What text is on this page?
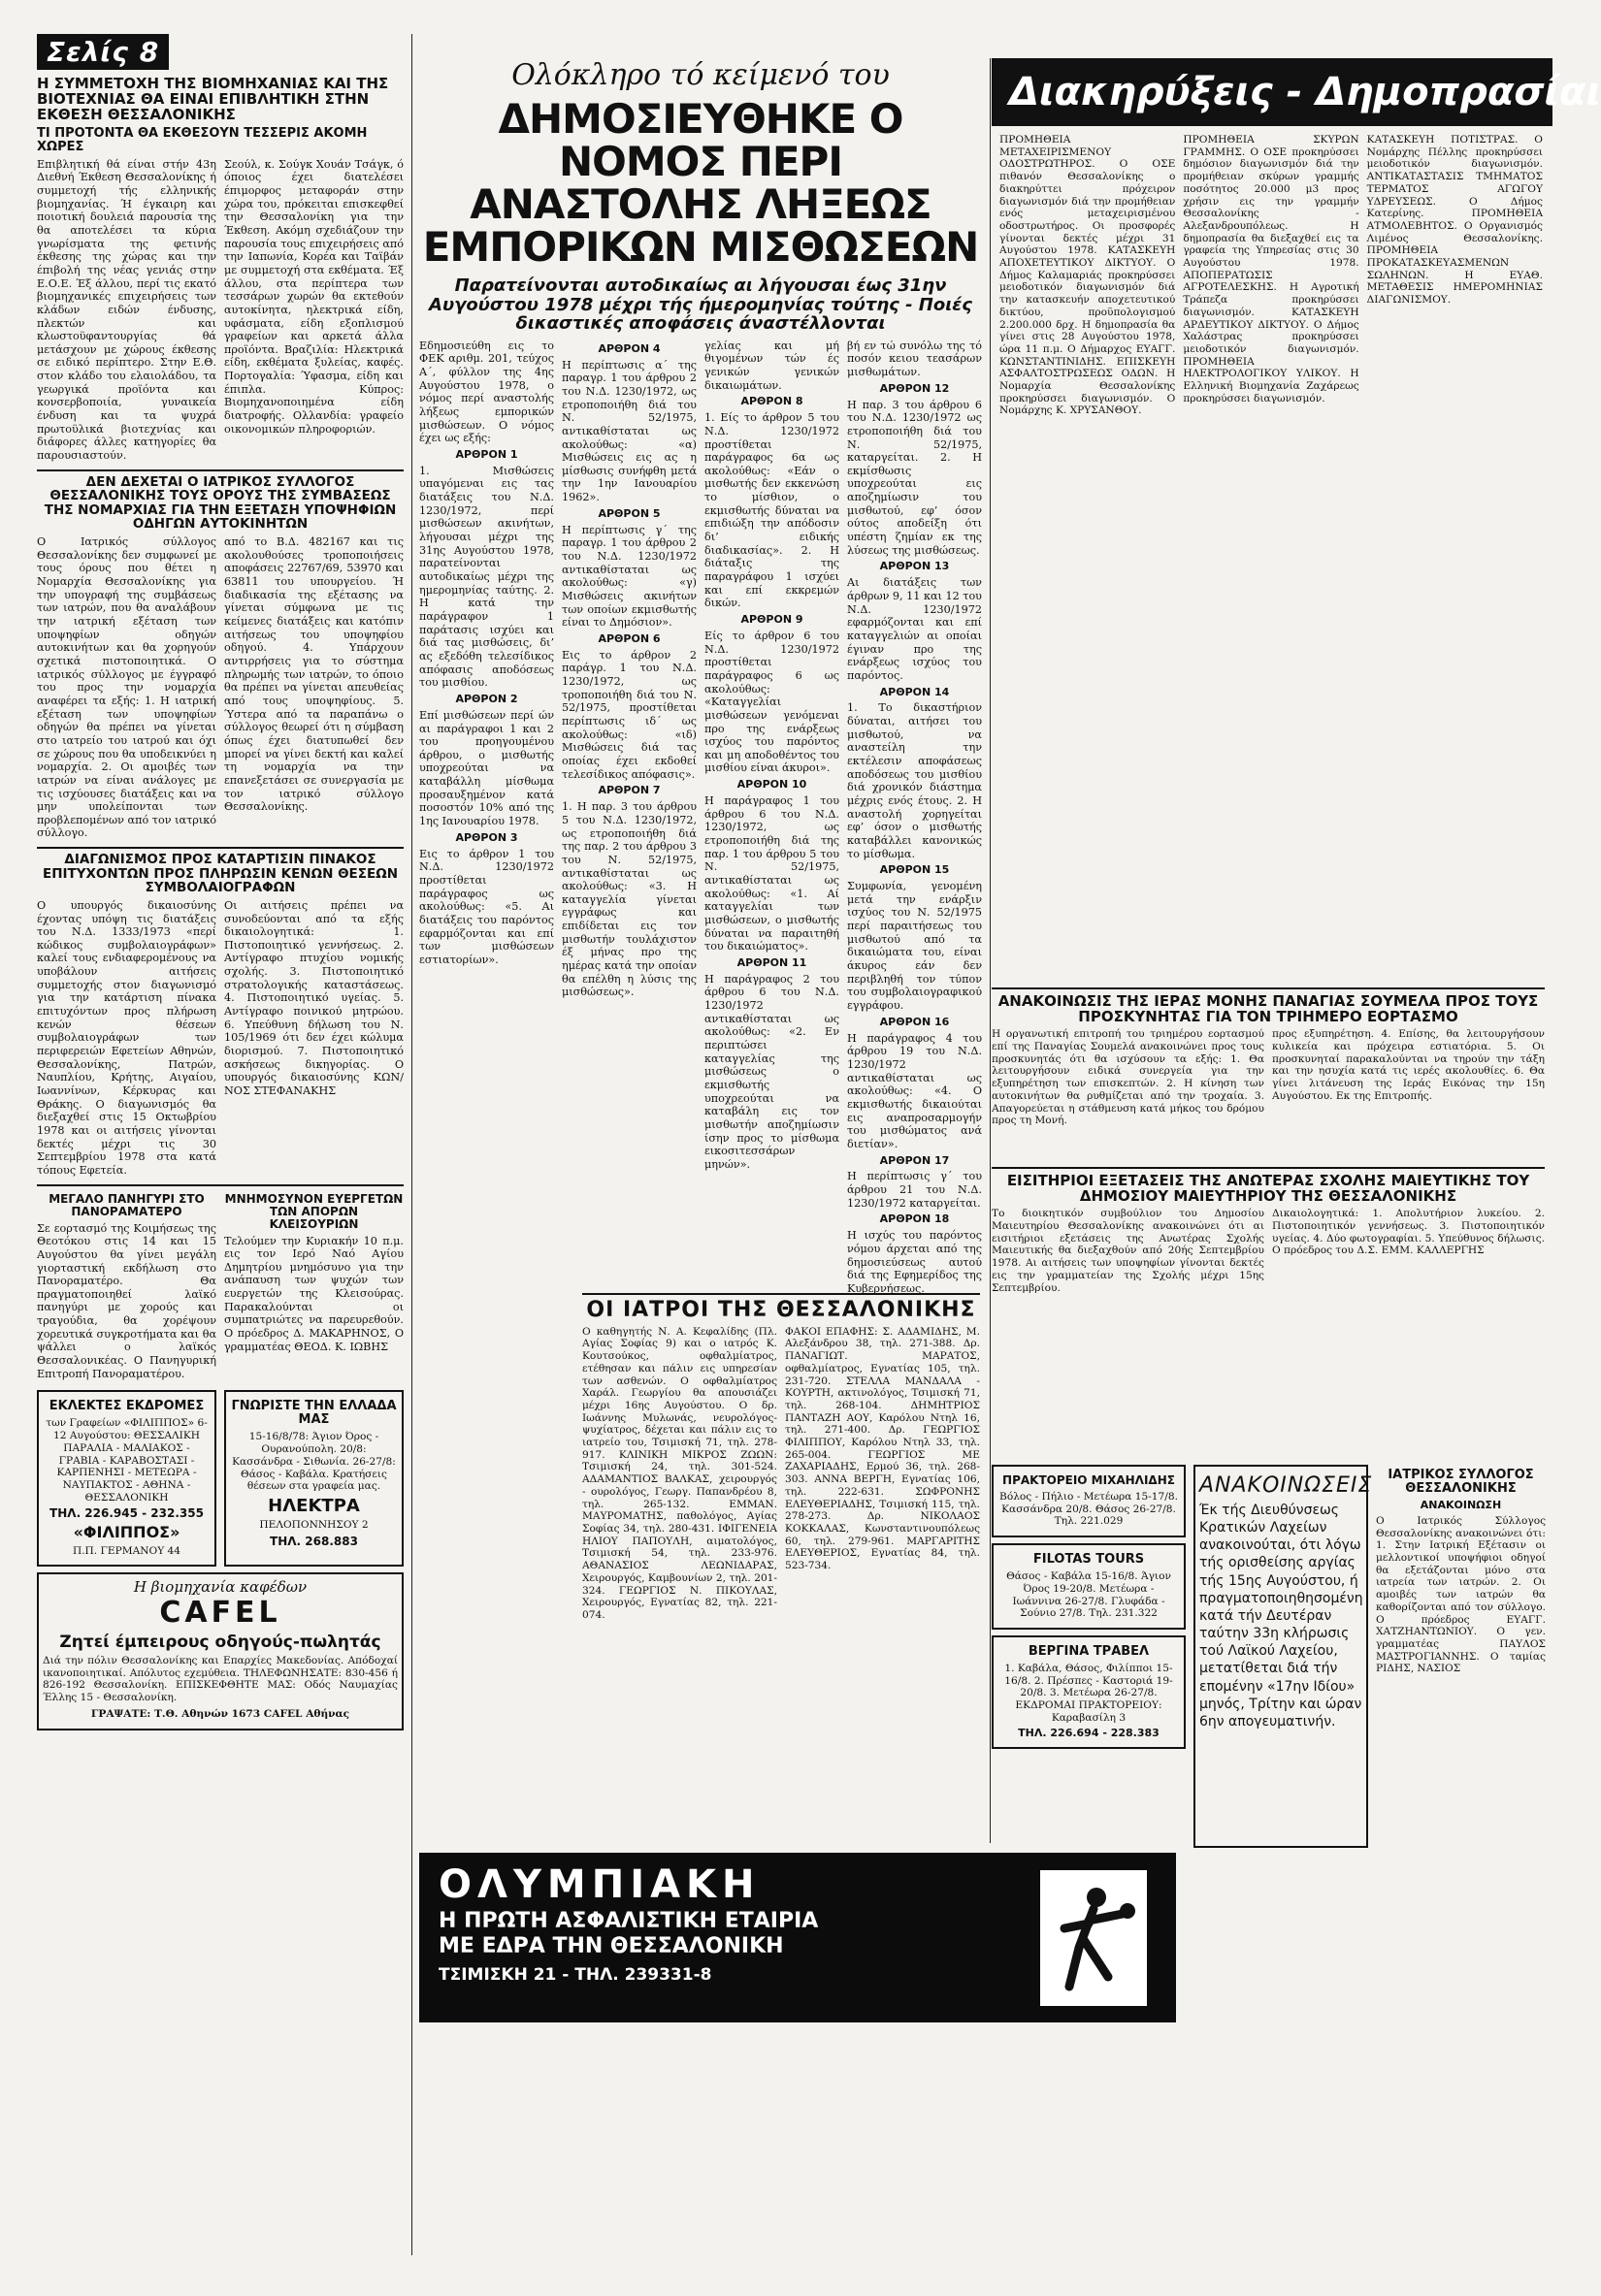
Σελίς 8
Η ΣΥΜΜΕΤΟΧΗ ΤΗΣ ΒΙΟΜΗΧΑΝΙΑΣ ΚΑΙ ΤΗΣ ΒΙΟΤΕΧΝΙΑΣ ΘΑ ΕΙΝΑΙ ΕΠΙΒΛΗΤΙΚΗ ΣΤΗΝ ΕΚΘΕΣΗ ΘΕΣΣΑΛΟΝΙΚΗΣ
ΤΙ ΠΡΟΤΟΝΤΑ ΘΑ ΕΚΘΕΣΟΥΝ ΤΕΣΣΕΡΙΣ ΑΚΟΜΗ ΧΩΡΕΣ

Επιβλητική θά είναι στήν 43η Διεθνή Έκθεση Θεσσαλονίκης ή συμμετοχή τής ελληνικής βιομηχανίας. Ή έγκαιρη και ποιοτική δουλειά παρουσία της θα αποτελέσει τα κύρια γνωρίσματα της φετινής έκθεσης της χώρας και την έπιβολή της νέας γενιάς στην Ε.Ο.Ε. Έξ άλλου, περί τις εκατό βιομηχανικές επιχειρήσεις των κλάδων ειδών ένδυσης, πλεκτών και κλωστοϋφαντουργίας θά μετάσχουν με χώρους έκθεσης σε ειδικό περίπτερο. Στην Ε.Θ. στον κλάδο του ελαιολάδου, τα γεωργικά προϊόντα και κονσερβοποιία, γυναικεία ένδυση και τα ψυχρά πρωτοϋλικά βιοτεχνίας και διάφορες άλλες κατηγορίες θα παρουσιαστούν.

Σεούλ, κ. Σούγκ Χουάν Τσάγκ, ό όποιος έχει διατελέσει έπιμορφος μεταφοράν στην χώρα του, πρόκειται επισκεφθεί την Θεσσαλονίκη για την Έκθεση. Ακόμη σχεδιάζουν την παρουσία τους επιχειρήσεις από την Ιαπωνία, Κορέα και Ταϊβάν με συμμετοχή στα εκθέματα. Έξ άλλου, στα περίπτερα των τεσσάρων χωρών θα εκτεθούν αυτοκίνητα, ηλεκτρικά είδη, υφάσματα, είδη εξοπλισμού γραφείων και αρκετά άλλα προϊόντα. Βραζιλία: Ηλεκτρικά είδη, εκθέματα ξυλείας, καφές. Πορτογαλία: Ύφασμα, είδη και έπιπλα. Κύπρος: Βιομηχανοποιημένα είδη διατροφής. Ολλανδία: γραφείο οικονομικών πληροφοριών.

ΔΕΝ ΔΕΧΕΤΑΙ Ο ΙΑΤΡΙΚΟΣ ΣΥΛΛΟΓΟΣ ΘΕΣΣΑΛΟΝΙΚΗΣ ΤΟΥΣ ΟΡΟΥΣ ΤΗΣ ΣΥΜΒΑΣΕΩΣ ΤΗΣ ΝΟΜΑΡΧΙΑΣ ΓΙΑ ΤΗΝ ΕΞΕΤΑΣΗ ΥΠΟΨΗΦΙΩΝ ΟΔΗΓΩΝ ΑΥΤΟΚΙΝΗΤΩΝ

Ο Ιατρικός σύλλογος Θεσσαλονίκης δεν συμφωνεί με τους όρους που θέτει η Νομαρχία Θεσσαλονίκης για την υπογραφή της συμβάσεως των ιατρών, που θα αναλάβουν την ιατρική εξέταση των υποψηφίων οδηγών αυτοκινήτων και θα χορηγούν σχετικά πιστοποιητικά. Ο ιατρικός σύλλογος με έγγραφό του προς την νομαρχία αναφέρει τα εξής: 1. Η ιατρική εξέταση των υποψηφίων οδηγών θα πρέπει να γίνεται στο ιατρείο του ιατρού και όχι σε χώρους που θα υποδεικνύει η νομαρχία. 2. Οι αμοιβές των ιατρών να είναι ανάλογες με τις ισχύουσες διατάξεις και να μην υπολείπονται των προβλεπομένων από τον ιατρικό σύλλογο.

από το Β.Δ. 482167 και τις ακολουθούσες τροποποιήσεις αποφάσεις 22767/69, 53970 και 63811 του υπουργείου. Ή διαδικασία της εξέτασης να γίνεται σύμφωνα με τις κείμενες διατάξεις και κατόπιν αιτήσεως του υποψηφίου οδηγού. 4. Υπάρχουν αντιρρήσεις για το σύστημα πληρωμής των ιατρών, το όποιο θα πρέπει να γίνεται απευθείας από τους υποψηφίους. 5. Ύστερα από τα παραπάνω ο σύλλογος θεωρεί ότι η σύμβαση όπως έχει διατυπωθεί δεν μπορεί να γίνει δεκτή και καλεί τη νομαρχία να την επανεξετάσει σε συνεργασία με τον ιατρικό σύλλογο Θεσσαλονίκης.

ΔΙΑΓΩΝΙΣΜΟΣ ΠΡΟΣ ΚΑΤΑΡΤΙΣΙΝ ΠΙΝΑΚΟΣ ΕΠΙΤΥΧΟΝΤΩΝ ΠΡΟΣ ΠΛΗΡΩΣΙΝ ΚΕΝΩΝ ΘΕΣΕΩΝ ΣΥΜΒΟΛΑΙΟΓΡΑΦΩΝ

Ο υπουργός δικαιοσύνης έχοντας υπόψη τις διατάξεις του Ν.Δ. 1333/1973 «περί κώδικος συμβολαιογράφων» καλεί τους ενδιαφερομένους να υποβάλουν αιτήσεις συμμετοχής στον διαγωνισμό για την κατάρτιση πίνακα επιτυχόντων προς πλήρωση κενών θέσεων συμβολαιογράφων των περιφερειών Εφετείων Αθηνών, Θεσσαλονίκης, Πατρών, Ναυπλίου, Κρήτης, Αιγαίου, Ιωαννίνων, Κέρκυρας και Θράκης. Ο διαγωνισμός θα διεξαχθεί στις 15 Οκτωβρίου 1978 και οι αιτήσεις γίνονται δεκτές μέχρι τις 30 Σεπτεμβρίου 1978 στα κατά τόπους Εφετεία.

Οι αιτήσεις πρέπει να συνοδεύονται από τα εξής δικαιολογητικά: 1. Πιστοποιητικό γεννήσεως. 2. Αντίγραφο πτυχίου νομικής σχολής. 3. Πιστοποιητικό στρατολογικής καταστάσεως. 4. Πιστοποιητικό υγείας. 5. Αντίγραφο ποινικού μητρώου. 6. Υπεύθυνη δήλωση του Ν. 105/1969 ότι δεν έχει κώλυμα διορισμού. 7. Πιστοποιητικό ασκήσεως δικηγορίας. Ο υπουργός δικαιοσύνης ΚΩΝ/ΝΟΣ ΣΤΕΦΑΝΑΚΗΣ

ΜΕΓΑΛΟ ΠΑΝΗΓΥΡΙ ΣΤΟ ΠΑΝΟΡΑΜΑΤΕΡΟ

Σε εορτασμό της Κοιμήσεως της Θεοτόκου στις 14 και 15 Αυγούστου θα γίνει μεγάλη γιορταστική εκδήλωση στο Πανοραματέρο. Θα πραγματοποιηθεί λαϊκό πανηγύρι με χορούς και τραγούδια, θα χορέψουν χορευτικά συγκροτήματα και θα ψάλλει ο λαϊκός Θεσσαλονικέας. Ο Πανηγυρική Επιτροπή Πανοραματέρου.

ΜΝΗΜΟΣΥΝΟΝ ΕΥΕΡΓΕΤΩΝ ΤΩΝ ΑΠΟΡΩΝ ΚΛΕΙΣΟΥΡΙΩΝ

Τελούμεν την Κυριακήν 10 π.μ. εις τον Ιερό Ναό Αγίου Δημητρίου μνημόσυνο για την ανάπαυση των ψυχών των ευεργετών της Κλεισούρας. Παρακαλούνται οι συμπατριώτες να παρευρεθούν. Ο πρόεδρος Δ. ΜΑΚΑΡΗΝΟΣ, Ο γραμματέας ΘΕΟΔ. Κ. ΙΩΒΗΣ

ΕΚΛΕΚΤΕΣ ΕΚΔΡΟΜΕΣ

των Γραφείων «ΦΙΛΙΠΠΟΣ» 6-12 Αυγούστου: ΘΕΣΣΑΛΙΚΗ ΠΑΡΑΛΙΑ - ΜΑΛΙΑΚΟΣ - ΓΡΑΒΙΑ - ΚΑΡΑΒΟΣΤΑΣΙ - ΚΑΡΠΕΝΗΣΙ - ΜΕΤΕΩΡΑ - ΝΑΥΠΑΚΤΟΣ - ΑΘΗΝΑ - ΘΕΣΣΑΛΟΝΙΚΗ

ΤΗΛ. 226.945 - 232.355
«ΦΙΛΙΠΠΟΣ»
Π.Π. ΓΕΡΜΑΝΟΥ 44
ΓΝΩΡΙΣΤΕ ΤΗΝ ΕΛΛΑΔΑ ΜΑΣ

15-16/8/78: Άγιον Όρος - Ουρανούπολη. 20/8: Κασσάνδρα - Σιθωνία. 26-27/8: Θάσος - Καβάλα. Κρατήσεις θέσεων στα γραφεία μας.

ΗΛΕΚΤΡΑ
ΠΕΛΟΠΟΝΝΗΣΟΥ 2
ΤΗΛ. 268.883
Η βιομηχανία καφέδων
CAFEL
Ζητεί έμπειρους οδηγούς-πωλητάς

Διά την πόλιν Θεσσαλονίκης και Επαρχίες Μακεδονίας. Απόδοχαί ικανοποιητικαί. Απόλυτος εχεμύθεια. ΤΗΛΕΦΩΝΗΣΑΤΕ: 830-456 ή 826-192 Θεσσαλονίκη. ΕΠΙΣΚΕΦΘΗΤΕ ΜΑΣ: Οδός Ναυμαχίας Έλλης 15 - Θεσσαλονίκη.

ΓΡΑΨΑΤΕ: Τ.Θ. Αθηνών 1673 CAFEL Αθήνας
Ολόκληρο τό κείμενό του
ΔΗΜΟΣΙΕΥΘΗΚΕ Ο ΝΟΜΟΣ ΠΕΡΙ ΑΝΑΣΤΟΛΗΣ ΛΗΞΕΩΣ ΕΜΠΟΡΙΚΩΝ ΜΙΣΘΩΣΕΩΝ
Παρατείνονται αυτοδικαίως αι λήγουσαι έως 31ην Αυγούστου 1978 μέχρι τής ήμερομηνίας τούτης - Ποιές δικαστικές αποφάσεις άναστέλλονται

Εδημοσιεύθη εις το ΦΕΚ αριθμ. 201, τεύχος Α΄, φύλλον της 4ης Αυγούστου 1978, ο νόμος περί αναστολής λήξεως εμπορικών μισθώσεων. Ο νόμος έχει ως εξής:

ΑΡΘΡΟΝ 1

1. Μισθώσεις υπαγόμεναι εις τας διατάξεις του Ν.Δ. 1230/1972, περί μισθώσεων ακινήτων, λήγουσαι μέχρι της 31ης Αυγούστου 1978, παρατείνονται αυτοδικαίως μέχρι της ημερομηνίας ταύτης. 2. Η κατά την παράγραφον 1 παράτασις ισχύει και διά τας μισθώσεις, δι’ ας εξεδόθη τελεσίδικος απόφασις αποδόσεως του μισθίου.

ΑΡΘΡΟΝ 2

Επί μισθώσεων περί ών αι παράγραφοι 1 και 2 του προηγουμένου άρθρου, ο μισθωτής υποχρεούται να καταβάλλη μίσθωμα προσαυξημένον κατά ποσοστόν 10% από της 1ης Ιανουαρίου 1978.

ΑΡΘΡΟΝ 3

Εις το άρθρον 1 του Ν.Δ. 1230/1972 προστίθεται παράγραφος ως ακολούθως: «5. Αι διατάξεις του παρόντος εφαρμόζονται και επί των μισθώσεων εστιατορίων».

ΑΡΘΡΟΝ 4

Η περίπτωσις α΄ της παραγρ. 1 του άρθρου 2 του Ν.Δ. 1230/1972, ως ετροποποιήθη διά του Ν. 52/1975, αντικαθίσταται ως ακολούθως: «α) Μισθώσεις εις ας η μίσθωσις συνήφθη μετά την 1ην Ιανουαρίου 1962».

ΑΡΘΡΟΝ 5

Η περίπτωσις γ΄ της παραγρ. 1 του άρθρου 2 του Ν.Δ. 1230/1972 αντικαθίσταται ως ακολούθως: «γ) Μισθώσεις ακινήτων των οποίων εκμισθωτής είναι το Δημόσιον».

ΑΡΘΡΟΝ 6

Εις το άρθρον 2 παράγρ. 1 του Ν.Δ. 1230/1972, ως τροποποιήθη διά του Ν. 52/1975, προστίθεται περίπτωσις ιδ΄ ως ακολούθως: «ιδ) Μισθώσεις διά τας οποίας έχει εκδοθεί τελεσίδικος απόφασις».

ΑΡΘΡΟΝ 7

1. Η παρ. 3 του άρθρου 5 του Ν.Δ. 1230/1972, ως ετροποποιήθη διά της παρ. 2 του άρθρου 3 του Ν. 52/1975, αντικαθίσταται ως ακολούθως: «3. Η καταγγελία γίνεται εγγράφως και επιδίδεται εις τον μισθωτήν τουλάχιστον έξ μήνας προ της ημέρας κατά την οποίαν θα επέλθη η λύσις της μισθώσεως».

γελίας και μή θιγομένων τών ές γενικών γενικών δικαιωμάτων.

ΑΡΘΡΟΝ 8

1. Είς το άρθρον 5 του Ν.Δ. 1230/1972 προστίθεται παράγραφος 6α ως ακολούθως: «Εάν ο μισθωτής δεν εκκενώση το μίσθιον, ο εκμισθωτής δύναται να επιδιώξη την απόδοσιν δι’ ειδικής διαδικασίας». 2. Η διάταξις της παραγράφου 1 ισχύει και επί εκκρεμών δικών.

ΑΡΘΡΟΝ 9

Είς το άρθρον 6 του Ν.Δ. 1230/1972 προστίθεται παράγραφος 6 ως ακολούθως: «Καταγγελίαι μισθώσεων γενόμεναι προ της ενάρξεως ισχύος του παρόντος και μη αποδοθέντος του μισθίου είναι άκυροι».

ΑΡΘΡΟΝ 10

Η παράγραφος 1 του άρθρου 6 του Ν.Δ. 1230/1972, ως ετροποποιήθη διά της παρ. 1 του άρθρου 5 του Ν. 52/1975, αντικαθίσταται ως ακολούθως: «1. Αί καταγγελίαι των μισθώσεων, ο μισθωτής δύναται να παραιτηθή του δικαιώματος».

ΑΡΘΡΟΝ 11

Η παράγραφος 2 του άρθρου 6 του Ν.Δ. 1230/1972 αντικαθίσταται ως ακολούθως: «2. Εν περιπτώσει καταγγελίας της μισθώσεως ο εκμισθωτής υποχρεούται να καταβάλη εις τον μισθωτήν αποζημίωσιν ίσην προς το μίσθωμα εικοσιτεσσάρων μηνών».

βή εν τώ συνόλω της τό ποσόν κειου τεασάρων μισθωμάτων.

ΑΡΘΡΟΝ 12

Η παρ. 3 του άρθρου 6 του Ν.Δ. 1230/1972 ως ετροποποιήθη διά του Ν. 52/1975, καταργείται. 2. Η εκμίσθωσις υποχρεούται εις αποζημίωσιν του μισθωτού, εφ’ όσον ούτος αποδείξη ότι υπέστη ζημίαν εκ της λύσεως της μισθώσεως.

ΑΡΘΡΟΝ 13

Αι διατάξεις των άρθρων 9, 11 και 12 του Ν.Δ. 1230/1972 εφαρμόζονται και επί καταγγελιών αι οποίαι έγιναν προ της ενάρξεως ισχύος του παρόντος.

ΑΡΘΡΟΝ 14

1. Το δικαστήριον δύναται, αιτήσει του μισθωτού, να αναστείλη την εκτέλεσιν αποφάσεως αποδόσεως του μισθίου διά χρονικόν διάστημα μέχρις ενός έτους. 2. Η αναστολή χορηγείται εφ’ όσον ο μισθωτής καταβάλλει κανονικώς το μίσθωμα.

ΑΡΘΡΟΝ 15

Συμφωνία, γενομένη μετά την ενάρξιν ισχύος του Ν. 52/1975 περί παραιτήσεως του μισθωτού από τα δικαιώματα του, είναι άκυρος εάν δεν περιβληθή τον τύπον του συμβολαιογραφικού εγγράφου.

ΑΡΘΡΟΝ 16

Η παράγραφος 4 του άρθρου 19 του Ν.Δ. 1230/1972 αντικαθίσταται ως ακολούθως: «4. Ο εκμισθωτής δικαιούται εις αναπροσαρμογήν του μισθώματος ανά διετίαν».

ΑΡΘΡΟΝ 17

Η περίπτωσις γ΄ του άρθρου 21 του Ν.Δ. 1230/1972 καταργείται.

ΑΡΘΡΟΝ 18

Η ισχύς του παρόντος νόμου άρχεται από της δημοσιεύσεως αυτού διά της Εφημερίδος της Κυβερνήσεως.

ΟΙ ΙΑΤΡΟΙ ΤΗΣ ΘΕΣΣΑΛΟΝΙΚΗΣ

Ο καθηγητής Ν. Α. Κεφαλίδης (Πλ. Αγίας Σοφίας 9) και ο ιατρός Κ. Κουτσούκος, οφθαλμίατρος, ετέθησαν και πάλιν εις υπηρεσίαν των ασθενών. Ο οφθαλμίατρος Χαράλ. Γεωργίου θα απουσιάζει μέχρι 16ης Αυγούστου. Ο δρ. Ιωάννης Μυλωνάς, νευρολόγος-ψυχίατρος, δέχεται και πάλιν εις το ιατρείο του, Τσιμισκή 71, τηλ. 278-917. ΚΛΙΝΙΚΗ ΜΙΚΡΟΣ ΖΩΩΝ: Τσιμισκή 24, τηλ. 301-524. ΑΔΑΜΑΝΤΙΟΣ ΒΑΛΚΑΣ, χειρουργός - ουρολόγος, Γεωργ. Παπανδρέου 8, τηλ. 265-132. ΕΜΜΑΝ. ΜΑΥΡΟΜΑΤΗΣ, παθολόγος, Αγίας Σοφίας 34, τηλ. 280-431. ΙΦΙΓΕΝΕΙΑ ΗΛΙΟΥ ΠΑΠΟΥΛΗ, αιματολόγος, Τσιμισκή 54, τηλ. 233-976. ΑΘΑΝΑΣΙΟΣ ΛΕΩΝΙΔΑΡΑΣ, Χειρουργός, Καμβουνίων 2, τηλ. 201-324. ΓΕΩΡΓΙΟΣ Ν. ΠΙΚΟΥΛΑΣ, Χειρουργός, Εγνατίας 82, τηλ. 221-074.

ΦΑΚΟΙ ΕΠΑΦΗΣ: Σ. ΑΔΑΜΙΔΗΣ, Μ. Αλεξάνδρου 38, τηλ. 271-388. Δρ. ΠΑΝΑΓΙΩΤ. ΜΑΡΑΤΟΣ, οφθαλμίατρος, Εγνατίας 105, τηλ. 231-720. ΣΤΕΛΛΑ ΜΑΝΔΑΛΑ - ΚΟΥΡΤΗ, ακτινολόγος, Τσιμισκή 71, τηλ. 268-104. ΔΗΜΗΤΡΙΟΣ ΠΑΝΤΑΖΗ ΑΟΥ, Καρόλου Ντηλ 16, τηλ. 271-400. Δρ. ΓΕΩΡΓΙΟΣ ΦΙΛΙΠΠΟΥ, Καρόλου Ντηλ 33, τηλ. 265-004. ΓΕΩΡΓΙΟΣ ΜΕ ΖΑΧΑΡΙΑΔΗΣ, Ερμού 36, τηλ. 268-303. ΑΝΝΑ ΒΕΡΓΗ, Εγνατίας 106, τηλ. 222-631. ΣΩΦΡΟΝΗΣ ΕΛΕΥΘΕΡΙΑΔΗΣ, Τσιμισκή 115, τηλ. 278-273. Δρ. ΝΙΚΟΛΑΟΣ ΚΟΚΚΑΛΑΣ, Κωνσταντινουπόλεως 60, τηλ. 279-961. ΜΑΡΓΑΡΙΤΗΣ ΕΛΕΥΘΕΡΙΟΣ, Εγνατίας 84, τηλ. 523-734.

ΟΛΥΜΠΙΑΚΗ
Η ΠΡΩΤΗ ΑΣΦΑΛΙΣΤΙΚΗ ΕΤΑΙΡΙΑ
ΜΕ ΕΔΡΑ ΤΗΝ ΘΕΣΣΑΛΟΝΙΚΗ
ΤΣΙΜΙΣΚΗ 21 - ΤΗΛ. 239331-8
Διακηρύξεις - Δημοπρασίαι

ΠΡΟΜΗΘΕΙΑ ΜΕΤΑΧΕΙΡΙΣΜΕΝΟΥ ΟΔΟΣΤΡΩΤΗΡΟΣ. Ο ΟΣΕ πιθανόν Θεσσαλονίκης ο διακηρύττει πρόχειρον διαγωνισμόν διά την προμήθειαν ενός μεταχειρισμένου οδοστρωτήρος. Οι προσφορές γίνονται δεκτές μέχρι 31 Αυγούστου 1978. ΚΑΤΑΣΚΕΥΗ ΑΠΟΧΕΤΕΥΤΙΚΟΥ ΔΙΚΤΥΟΥ. Ο Δήμος Καλαμαριάς προκηρύσσει μειοδοτικόν διαγωνισμόν διά την κατασκευήν αποχετευτικού δικτύου, προϋπολογισμού 2.200.000 δρχ. Η δημοπρασία θα γίνει στις 28 Αυγούστου 1978, ώρα 11 π.μ. Ο Δήμαρχος ΕΥΑΓΓ. ΚΩΝΣΤΑΝΤΙΝΙΔΗΣ. ΕΠΙΣΚΕΥΗ ΑΣΦΑΛΤΟΣΤΡΩΣΕΩΣ ΟΔΩΝ. Η Νομαρχία Θεσσαλονίκης προκηρύσσει διαγωνισμόν. Ο Νομάρχης Κ. ΧΡΥΣΑΝΘΟΥ.

ΠΡΟΜΗΘΕΙΑ ΣΚΥΡΩΝ ΓΡΑΜΜΗΣ. Ο ΟΣΕ προκηρύσσει δημόσιον διαγωνισμόν διά την προμήθειαν σκύρων γραμμής ποσότητος 20.000 μ3 προς χρήσιν εις την γραμμήν Θεσσαλονίκης - Αλεξανδρουπόλεως. Η δημοπρασία θα διεξαχθεί εις τα γραφεία της Υπηρεσίας στις 30 Αυγούστου 1978. ΑΠΟΠΕΡΑΤΩΣΙΣ ΑΓΡΟΤΕΛΕΣΚΗΣ. Η Αγροτική Τράπεζα προκηρύσσει διαγωνισμόν. ΚΑΤΑΣΚΕΥΗ ΑΡΔΕΥΤΙΚΟΥ ΔΙΚΤΥΟΥ. Ο Δήμος Χαλάστρας προκηρύσσει μειοδοτικόν διαγωνισμόν. ΠΡΟΜΗΘΕΙΑ ΗΛΕΚΤΡΟΛΟΓΙΚΟΥ ΥΛΙΚΟΥ. Η Ελληνική Βιομηχανία Ζαχάρεως προκηρύσσει διαγωνισμόν.

ΚΑΤΑΣΚΕΥΗ ΠΟΤΙΣΤΡΑΣ. Ο Νομάρχης Πέλλης προκηρύσσει μειοδοτικόν διαγωνισμόν. ΑΝΤΙΚΑΤΑΣΤΑΣΙΣ ΤΜΗΜΑΤΟΣ ΤΕΡΜΑΤΟΣ ΑΓΩΓΟΥ ΥΔΡΕΥΣΕΩΣ. Ο Δήμος Κατερίνης. ΠΡΟΜΗΘΕΙΑ ΑΤΜΟΛΕΒΗΤΟΣ. Ο Οργανισμός Λιμένος Θεσσαλονίκης. ΠΡΟΜΗΘΕΙΑ ΠΡΟΚΑΤΑΣΚΕΥΑΣΜΕΝΩΝ ΣΩΛΗΝΩΝ. Η ΕΥΑΘ. ΜΕΤΑΘΕΣΙΣ ΗΜΕΡΟΜΗΝΙΑΣ ΔΙΑΓΩΝΙΣΜΟΥ.

ΑΝΑΚΟΙΝΩΣΙΣ ΤΗΣ ΙΕΡΑΣ ΜΟΝΗΣ ΠΑΝΑΓΙΑΣ ΣΟΥΜΕΛΑ ΠΡΟΣ ΤΟΥΣ ΠΡΟΣΚΥΝΗΤΑΣ ΓΙΑ ΤΟΝ ΤΡΙΗΜΕΡΟ ΕΟΡΤΑΣΜΟ

Η οργανωτική επιτροπή του τριημέρου εορτασμού επί της Παναγίας Σουμελά ανακοινώνει προς τους προσκυνητάς ότι θα ισχύσουν τα εξής: 1. Θα λειτουργήσουν ειδικά συνεργεία για την εξυπηρέτηση των επισκεπτών. 2. Η κίνηση των αυτοκινήτων θα ρυθμίζεται από την τροχαία. 3. Απαγορεύεται η στάθμευση κατά μήκος του δρόμου προς τη Μονή.

προς εξυπηρέτηση. 4. Επίσης, θα λειτουργήσουν κυλικεία και πρόχειρα εστιατόρια. 5. Οι προσκυνηταί παρακαλούνται να τηρούν την τάξη και την ησυχία κατά τις ιερές ακολουθίες. 6. Θα γίνει λιτάνευση της Ιεράς Εικόνας την 15η Αυγούστου. Εκ της Επιτροπής.

ΕΙΣΙΤΗΡΙΟΙ ΕΞΕΤΑΣΕΙΣ ΤΗΣ ΑΝΩΤΕΡΑΣ ΣΧΟΛΗΣ ΜΑΙΕΥΤΙΚΗΣ ΤΟΥ ΔΗΜΟΣΙΟΥ ΜΑΙΕΥΤΗΡΙΟΥ ΤΗΣ ΘΕΣΣΑΛΟΝΙΚΗΣ

Το διοικητικόν συμβούλιον του Δημοσίου Μαιευτηρίου Θεσσαλονίκης ανακοινώνει ότι αι εισιτήριοι εξετάσεις της Ανωτέρας Σχολής Μαιευτικής θα διεξαχθούν από 20ής Σεπτεμβρίου 1978. Αι αιτήσεις των υποψηφίων γίνονται δεκτές εις την γραμματείαν της Σχολής μέχρι 15ης Σεπτεμβρίου.

Δικαιολογητικά: 1. Απολυτήριον λυκείου. 2. Πιστοποιητικόν γεννήσεως. 3. Πιστοποιητικόν υγείας. 4. Δύο φωτογραφίαι. 5. Υπεύθυνος δήλωσις. Ο πρόεδρος του Δ.Σ. ΕΜΜ. ΚΑΛΛΕΡΓΗΣ

ΠΡΑΚΤΟΡΕΙΟ ΜΙΧΑΗΛΙΔΗΣ

Βόλος - Πήλιο - Μετέωρα 15-17/8. Κασσάνδρα 20/8. Θάσος 26-27/8. Τηλ. 221.029

FILOTAS TOURS

Θάσος - Καβάλα 15-16/8. Άγιον Όρος 19-20/8. Μετέωρα - Ιωάννινα 26-27/8. Γλυφάδα - Σούνιο 27/8. Τηλ. 231.322

ΒΕΡΓΙΝΑ ΤΡΑΒΕΛ

1. Καβάλα, Θάσος, Φιλίπποι 15-16/8. 2. Πρέσπες - Καστοριά 19-20/8. 3. Μετέωρα 26-27/8. ΕΚΔΡΟΜΑΙ ΠΡΑΚΤΟΡΕΙΟΥ: Καραβασίλη 3

ΤΗΛ. 226.694 - 228.383
ΑΝΑΚΟΙΝΩΣΕΙΣ

Έκ τής Διευθύνσεως Κρατικών Λαχείων ανακοινούται, ότι λόγω τής ορισθείσης αργίας τής 15ης Αυγούστου, ή πραγματοποιηθησομένη κατά τήν Δευτέραν ταύτην 33η κλήρωσις τού Λαϊκού Λαχείου, μετατίθεται διά τήν επομένην «17ην Ιδίου» μηνός, Τρίτην και ώραν 6ην απογευματινήν.

ΙΑΤΡΙΚΟΣ ΣΥΛΛΟΓΟΣ ΘΕΣΣΑΛΟΝΙΚΗΣ
ΑΝΑΚΟΙΝΩΣΗ

Ο Ιατρικός Σύλλογος Θεσσαλονίκης ανακοινώνει ότι: 1. Στην Ιατρική Εξέτασιν οι μελλοντικοί υποψήφιοι οδηγοί θα εξετάζονται μόνο στα ιατρεία των ιατρών. 2. Οι αμοιβές των ιατρών θα καθορίζονται από τον σύλλογο. Ο πρόεδρος ΕΥΑΓΓ. ΧΑΤΖΗΑΝΤΩΝΙΟΥ. Ο γεν. γραμματέας ΠΑΥΛΟΣ ΜΑΣΤΡΟΓΙΑΝΝΗΣ. Ο ταμίας ΡΙΔΗΣ, ΝΑΣΙΟΣ
